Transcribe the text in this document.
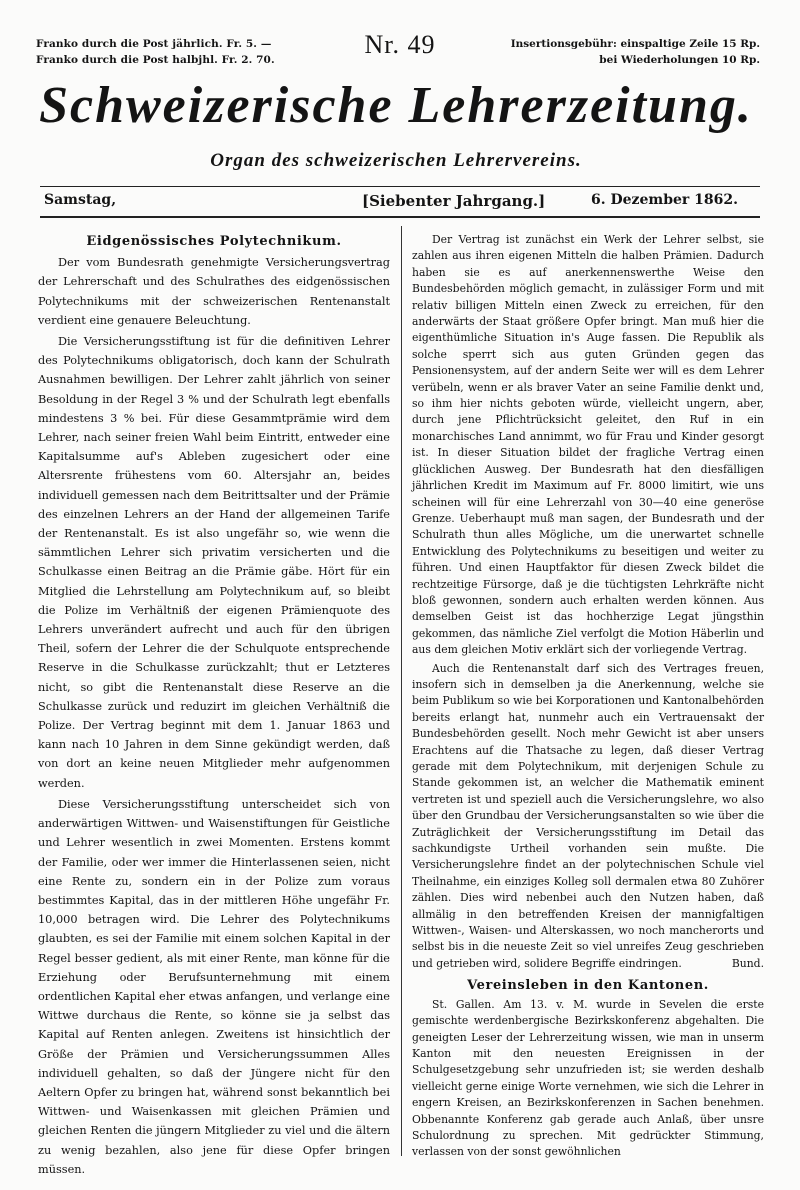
Franko durch die Post jährlich. Fr. 5. —
Franko durch die Post halbjhl. Fr. 2. 70.
Nr. 49	Insertionsgebühr: einspaltige Zeile 15 Rp.
bei Wiederholungen 10 Rp.
Schweizerische Lehrerzeitung.
Organ des schweizerischen Lehrervereins.
Samstag,	[Siebenter Jahrgang.]	6. Dezember 1862.

Eidgenössisches Polytechnikum.

Der vom Bundesrath genehmigte Versicherungsvertrag der Lehrerschaft und des Schulrathes des eidgenössischen Polytechnikums mit der schweizerischen Rentenanstalt verdient eine genauere Beleuchtung.

Die Versicherungsstiftung ist für die definitiven Lehrer des Polytechnikums obligatorisch, doch kann der Schulrath Ausnahmen bewilligen. Der Lehrer zahlt jährlich von seiner Besoldung in der Regel 3 % und der Schulrath legt ebenfalls mindestens 3 % bei. Für diese Gesammtprämie wird dem Lehrer, nach seiner freien Wahl beim Eintritt, entweder eine Kapitalsumme auf's Ableben zugesichert oder eine Altersrente frühestens vom 60. Altersjahr an, beides individuell gemessen nach dem Beitrittsalter und der Prämie des einzelnen Lehrers an der Hand der allgemeinen Tarife der Rentenanstalt. Es ist also ungefähr so, wie wenn die sämmtlichen Lehrer sich privatim versicherten und die Schulkasse einen Beitrag an die Prämie gäbe. Hört für ein Mitglied die Lehrstellung am Polytechnikum auf, so bleibt die Polize im Verhältniß der eigenen Prämienquote des Lehrers unverändert aufrecht und auch für den übrigen Theil, sofern der Lehrer die der Schulquote entsprechende Reserve in die Schulkasse zurückzahlt; thut er Letzteres nicht, so gibt die Rentenanstalt diese Reserve an die Schulkasse zurück und reduzirt im gleichen Verhältniß die Polize. Der Vertrag beginnt mit dem 1. Januar 1863 und kann nach 10 Jahren in dem Sinne gekündigt werden, daß von dort an keine neuen Mitglieder mehr aufgenommen werden.

Diese Versicherungsstiftung unterscheidet sich von anderwärtigen Wittwen- und Waisenstiftungen für Geistliche und Lehrer wesentlich in zwei Momenten. Erstens kommt der Familie, oder wer immer die Hinterlassenen seien, nicht eine Rente zu, sondern ein in der Polize zum voraus bestimmtes Kapital, das in der mittleren Höhe ungefähr Fr. 10,000 betragen wird. Die Lehrer des Polytechnikums glaubten, es sei der Familie mit einem solchen Kapital in der Regel besser gedient, als mit einer Rente, man könne für die Erziehung oder Berufsunternehmung mit einem ordentlichen Kapital eher etwas anfangen, und verlange eine Wittwe durchaus die Rente, so könne sie ja selbst das Kapital auf Renten anlegen. Zweitens ist hinsichtlich der Größe der Prämien und Versicherungssummen Alles individuell gehalten, so daß der Jüngere nicht für den Aeltern Opfer zu bringen hat, während sonst bekanntlich bei Wittwen- und Waisenkassen mit gleichen Prämien und gleichen Renten die jüngern Mitglieder zu viel und die ältern zu wenig bezahlen, also jene für diese Opfer bringen müssen.

Der Vertrag ist zunächst ein Werk der Lehrer selbst, sie zahlen aus ihren eigenen Mitteln die halben Prämien. Dadurch haben sie es auf anerkennenswerthe Weise den Bundesbehörden möglich gemacht, in zulässiger Form und mit relativ billigen Mitteln einen Zweck zu erreichen, für den anderwärts der Staat größere Opfer bringt. Man muß hier die eigenthümliche Situation in's Auge fassen. Die Republik als solche sperrt sich aus guten Gründen gegen das Pensionensystem, auf der andern Seite wer will es dem Lehrer verübeln, wenn er als braver Vater an seine Familie denkt und, so ihm hier nichts geboten würde, vielleicht ungern, aber, durch jene Pflichtrücksicht geleitet, den Ruf in ein monarchisches Land annimmt, wo für Frau und Kinder gesorgt ist. In dieser Situation bildet der fragliche Vertrag einen glücklichen Ausweg. Der Bundesrath hat den diesfälligen jährlichen Kredit im Maximum auf Fr. 8000 limitirt, wie uns scheinen will für eine Lehrerzahl von 30—40 eine generöse Grenze. Ueberhaupt muß man sagen, der Bundesrath und der Schulrath thun alles Mögliche, um die unerwartet schnelle Entwicklung des Polytechnikums zu beseitigen und weiter zu führen. Und einen Hauptfaktor für diesen Zweck bildet die rechtzeitige Fürsorge, daß je die tüchtigsten Lehrkräfte nicht bloß gewonnen, sondern auch erhalten werden können. Aus demselben Geist ist das hochherzige Legat jüngsthin gekommen, das nämliche Ziel verfolgt die Motion Häberlin und aus dem gleichen Motiv erklärt sich der vorliegende Vertrag.

Auch die Rentenanstalt darf sich des Vertrages freuen, insofern sich in demselben ja die Anerkennung, welche sie beim Publikum so wie bei Korporationen und Kantonalbehörden bereits erlangt hat, nunmehr auch ein Vertrauensakt der Bundesbehörden gesellt. Noch mehr Gewicht ist aber unsers Erachtens auf die Thatsache zu legen, daß dieser Vertrag gerade mit dem Polytechnikum, mit derjenigen Schule zu Stande gekommen ist, an welcher die Mathematik eminent vertreten ist und speziell auch die Versicherungslehre, wo also über den Grundbau der Versicherungsanstalten so wie über die Zuträglichkeit der Versicherungsstiftung im Detail das sachkundigste Urtheil vorhanden sein mußte. Die Versicherungslehre findet an der polytechnischen Schule viel Theilnahme, ein einziges Kolleg soll dermalen etwa 80 Zuhörer zählen. Dies wird nebenbei auch den Nutzen haben, daß allmälig in den betreffenden Kreisen der mannigfaltigen Wittwen-, Waisen- und Alterskassen, wo noch mancherorts und selbst bis in die neueste Zeit so viel unreifes Zeug geschrieben und getrieben wird, solidere Begriffe eindringen.	Bund.

Vereinsleben in den Kantonen.

St. Gallen. Am 13. v. M. wurde in Sevelen die erste gemischte werdenbergische Bezirkskonferenz abgehalten. Die geneigten Leser der Lehrerzeitung wissen, wie man in unserm Kanton mit den neuesten Ereignissen in der Schulgesetzgebung sehr unzufrieden ist; sie werden deshalb vielleicht gerne einige Worte vernehmen, wie sich die Lehrer in engern Kreisen, an Bezirkskonferenzen in Sachen benehmen. Obbenannte Konferenz gab gerade auch Anlaß, über unsre Schulordnung zu sprechen. Mit gedrückter Stimmung, verlassen von der sonst gewöhnlichen
